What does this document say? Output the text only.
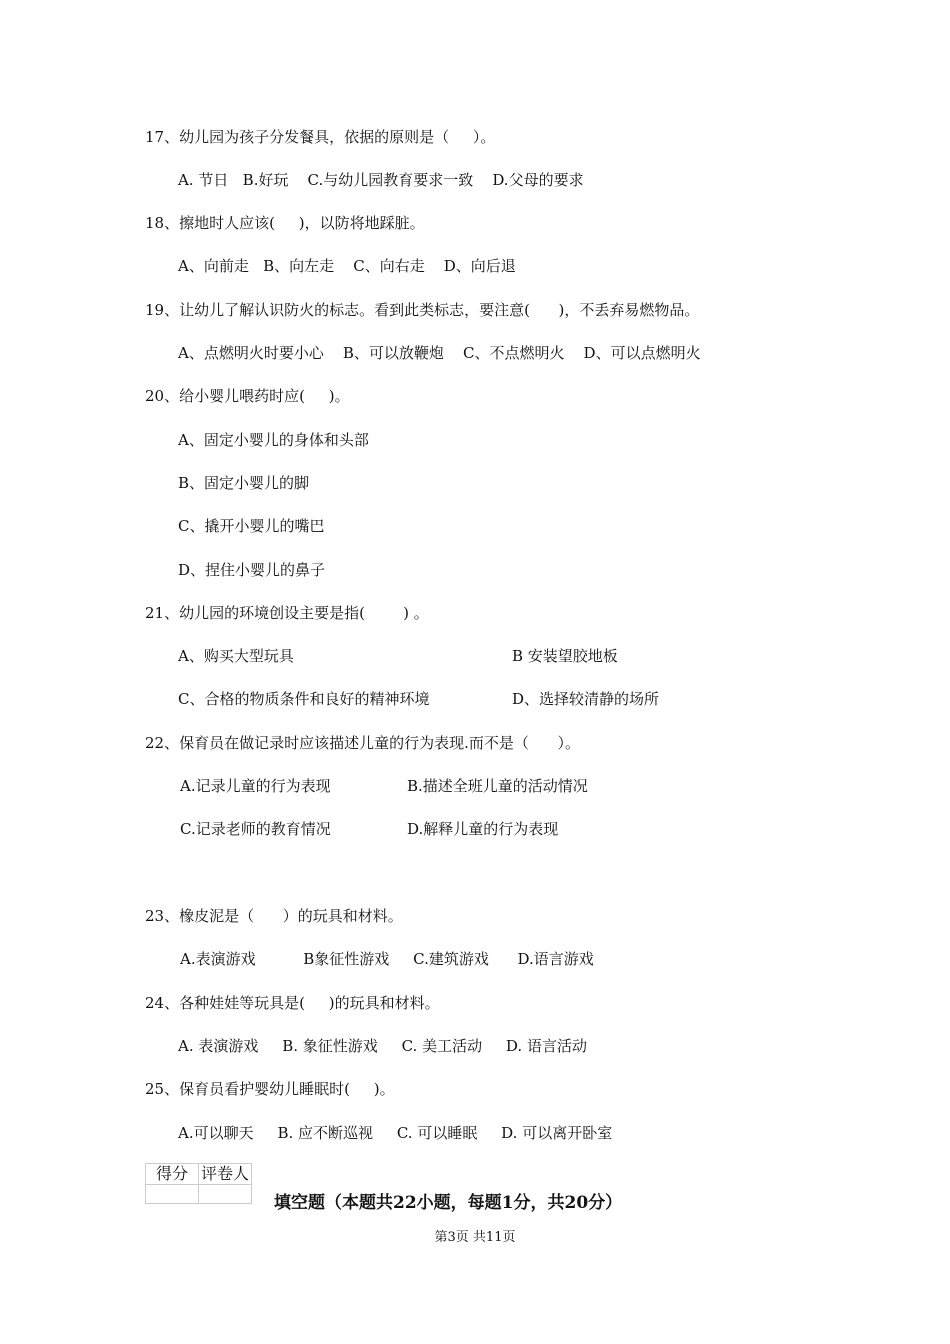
17、幼儿园为孩子分发餐具，依据的原则是（     ）。
A. 节日   B.好玩    C.与幼儿园教育要求一致    D.父母的要求
18、擦地时人应该(     )，以防将地踩脏。
A、向前走   B、向左走    C、向右走    D、向后退
19、让幼儿了解认识防火的标志。看到此类标志，要注意(      )，不丢弃易燃物品。
A、点燃明火时要小心    B、可以放鞭炮    C、不点燃明火    D、可以点燃明火
20、给小婴儿喂药时应(     )。
A、固定小婴儿的身体和头部
B、固定小婴儿的脚
C、撬开小婴儿的嘴巴
D、捏住小婴儿的鼻子
21、幼儿园的环境创设主要是指(        ) 。
A、购买大型玩具	B 安装望胶地板
C、合格的物质条件和良好的精神环境	D、选择较清静的场所
22、保育员在做记录时应该描述儿童的行为表现.而不是（      ）。
A.记录儿童的行为表现	B.描述全班儿童的活动情况
C.记录老师的教育情况	D.解释儿童的行为表现
23、橡皮泥是（      ）的玩具和材料。
A.表演游戏          B象征性游戏     C.建筑游戏      D.语言游戏
24、各种娃娃等玩具是(     )的玩具和材料。
A. 表演游戏     B. 象征性游戏     C. 美工活动     D. 语言活动
25、保育员看护婴幼儿睡眠时(     )。
A.可以聊天     B. 应不断巡视     C. 可以睡眠     D. 可以离开卧室
得分	评卷人

填空题（本题共22小题，每题1分，共20分）
第3页 共11页
